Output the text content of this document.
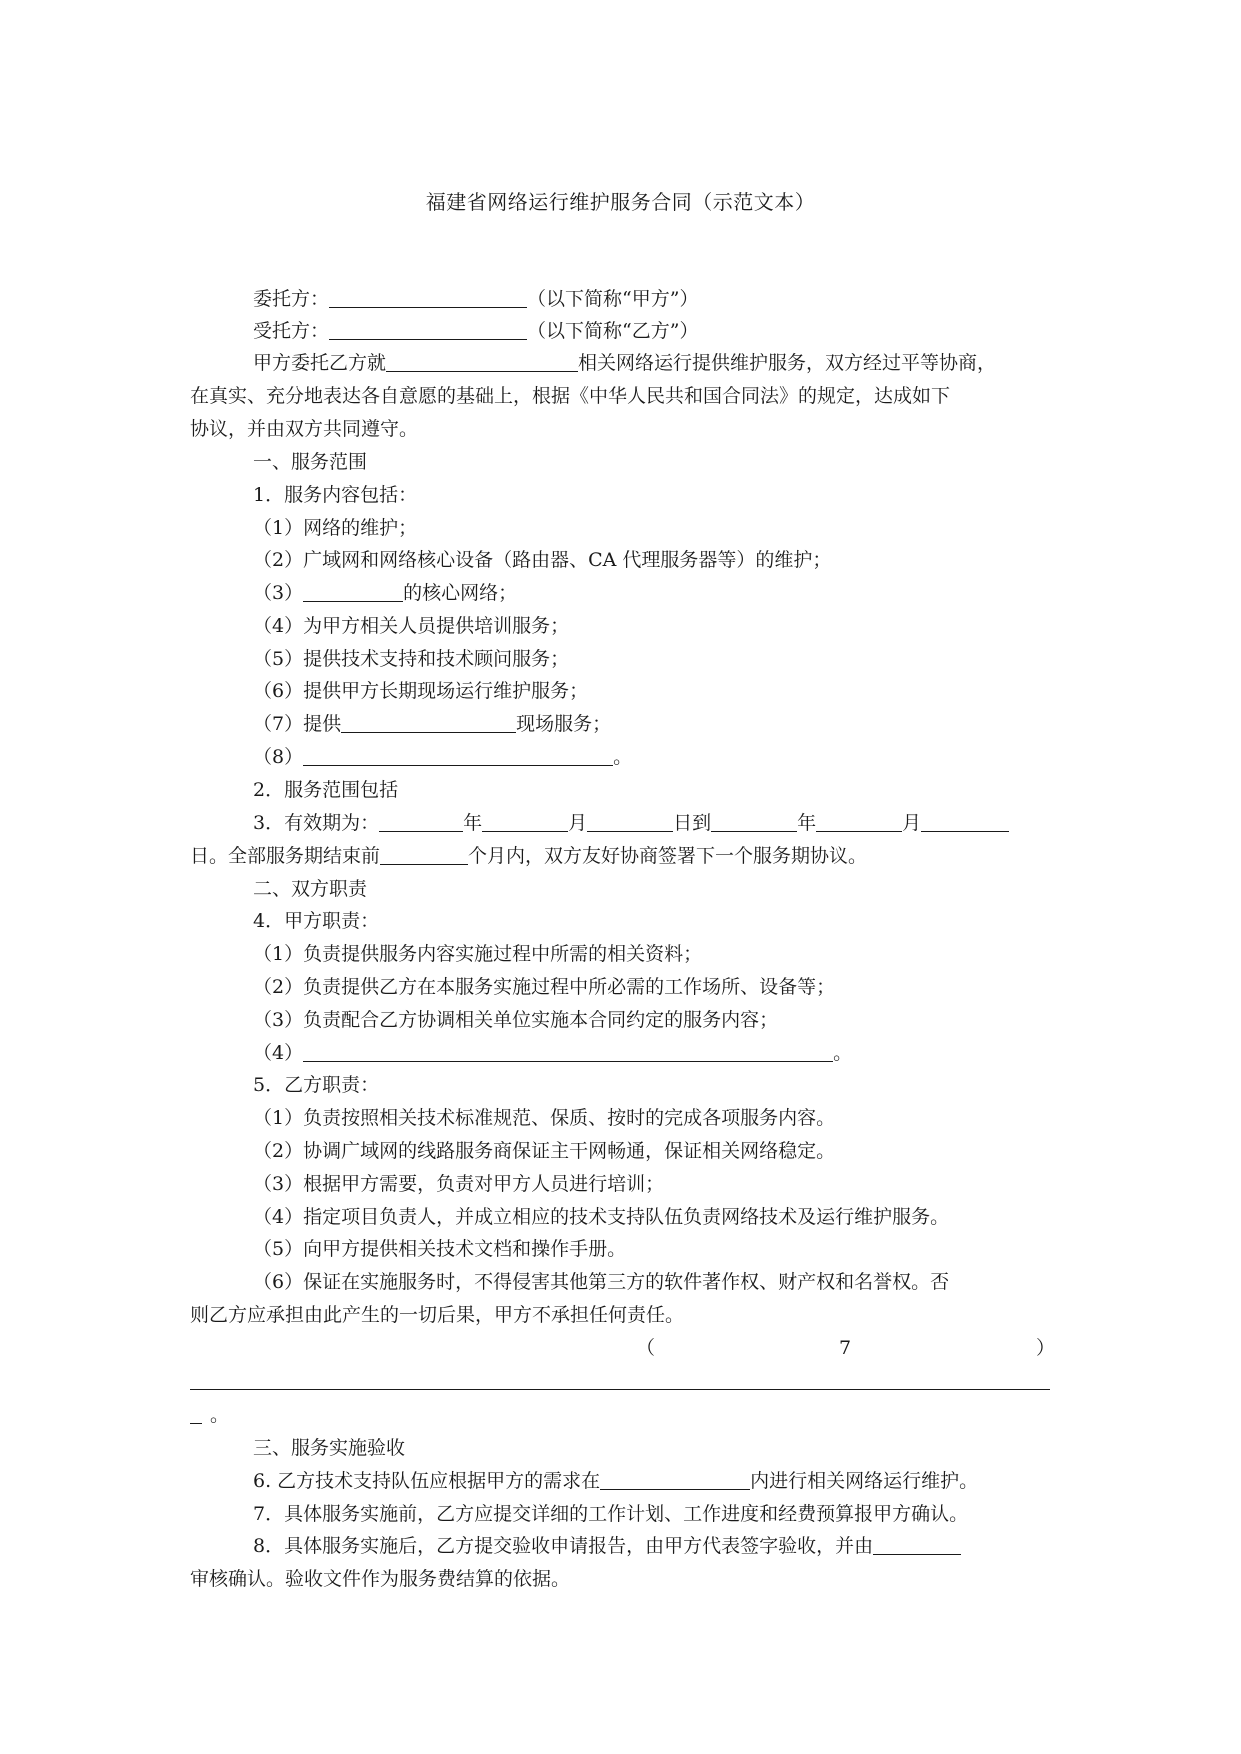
福建省网络运行维护服务合同（示范文本）
委托方：	（以下简称“甲方”）
受托方：	（以下简称“乙方”）
甲方委托乙方就	相关网络运行提供维护服务，双方经过平等协商，
在真实、充分地表达各自意愿的基础上，根据《中华人民共和国合同法》的规定，达成如下
协议，并由双方共同遵守。
一、服务范围
1．服务内容包括：
（1）网络的维护；
（2）广域网和网络核心设备（路由器、CA 代理服务器等）的维护；
（3）	的核心网络；
（4）为甲方相关人员提供培训服务；
（5）提供技术支持和技术顾问服务；
（6）提供甲方长期现场运行维护服务；
（7）提供	现场服务；
（8）	。
2．服务范围包括
3．有效期为：	年	月	日到	年	月
日。全部服务期结束前	个月内，双方友好协商签署下一个服务期协议。
二、双方职责
4．甲方职责：
（1）负责提供服务内容实施过程中所需的相关资料；
（2）负责提供乙方在本服务实施过程中所必需的工作场所、设备等；
（3）负责配合乙方协调相关单位实施本合同约定的服务内容；
（4）	。
5．乙方职责：
（1）负责按照相关技术标准规范、保质、按时的完成各项服务内容。
（2）协调广域网的线路服务商保证主干网畅通，保证相关网络稳定。
（3）根据甲方需要，负责对甲方人员进行培训；
（4）指定项目负责人，并成立相应的技术支持队伍负责网络技术及运行维护服务。
（5）向甲方提供相关技术文档和操作手册。
（6）保证在实施服务时，不得侵害其他第三方的软件著作权、财产权和名誉权。否
则乙方应承担由此产生的一切后果，甲方不承担任何责任。
（	7	）
。
三、服务实施验收
6. 乙方技术支持队伍应根据甲方的需求在	内进行相关网络运行维护。
7．具体服务实施前，乙方应提交详细的工作计划、工作进度和经费预算报甲方确认。
8．具体服务实施后，乙方提交验收申请报告，由甲方代表签字验收，并由
审核确认。验收文件作为服务费结算的依据。
